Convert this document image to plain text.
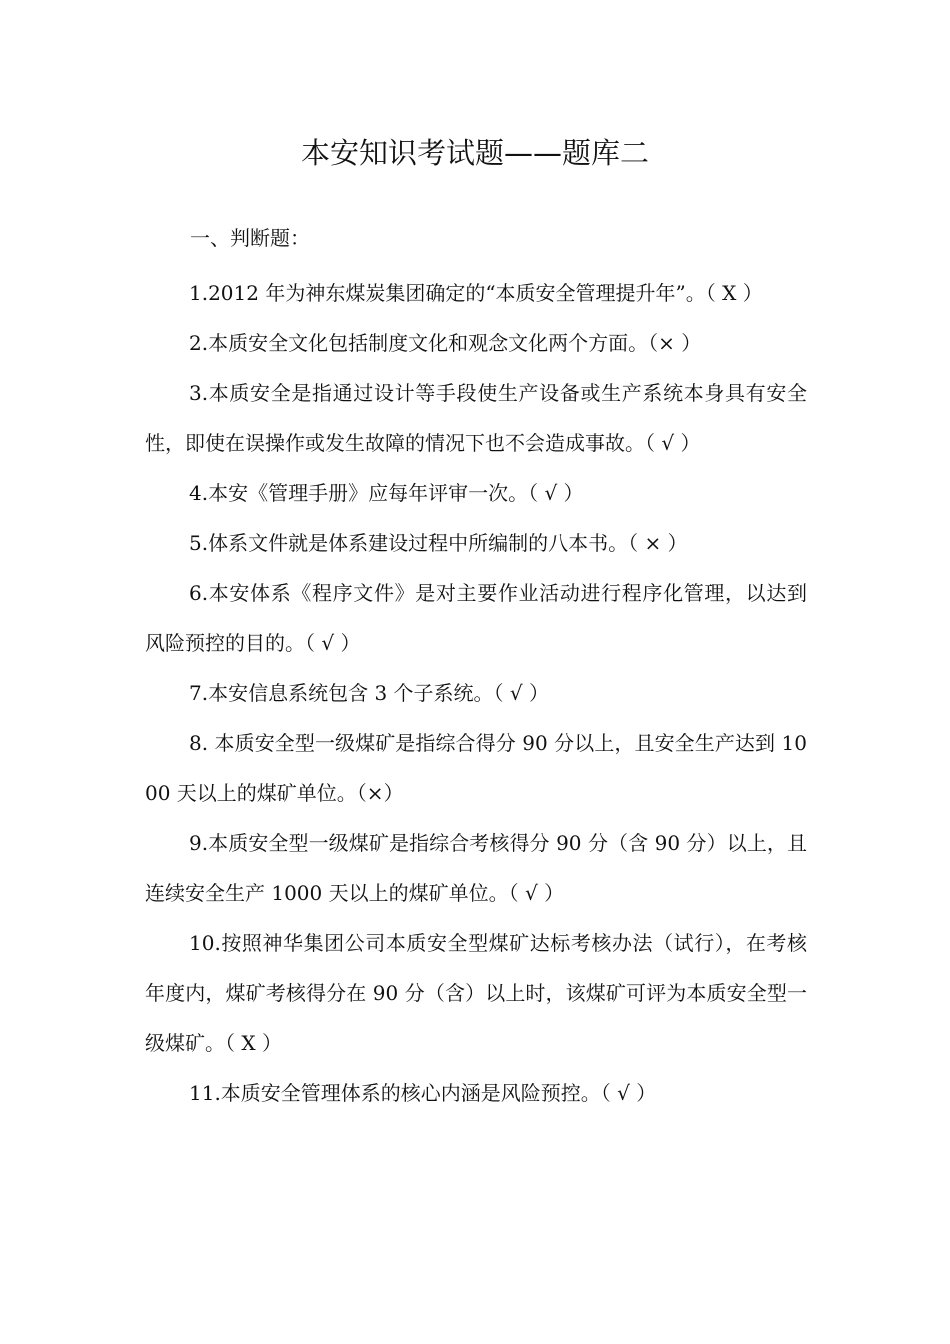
本安知识考试题——题库二

一、判断题：

1.2012 年为神东煤炭集团确定的“本质安全管理提升年”。（ X ）

2.本质安全文化包括制度文化和观念文化两个方面。（× ）

3.本质安全是指通过设计等手段使生产设备或生产系统本身具有安全性，即使在误操作或发生故障的情况下也不会造成事故。（ √ ）

4.本安《管理手册》应每年评审一次。（ √ ）

5.体系文件就是体系建设过程中所编制的八本书。（ × ）

6.本安体系《程序文件》是对主要作业活动进行程序化管理，以达到风险预控的目的。（ √ ）

7.本安信息系统包含 3 个子系统。（ √ ）

8. 本质安全型一级煤矿是指综合得分 90 分以上，且安全生产达到 1000 天以上的煤矿单位。（×）

9.本质安全型一级煤矿是指综合考核得分 90 分（含 90 分）以上，且连续安全生产 1000 天以上的煤矿单位。（ √ ）

10.按照神华集团公司本质安全型煤矿达标考核办法（试行），在考核年度内，煤矿考核得分在 90 分（含）以上时，该煤矿可评为本质安全型一级煤矿。（ X ）

11.本质安全管理体系的核心内涵是风险预控。（ √ ）
